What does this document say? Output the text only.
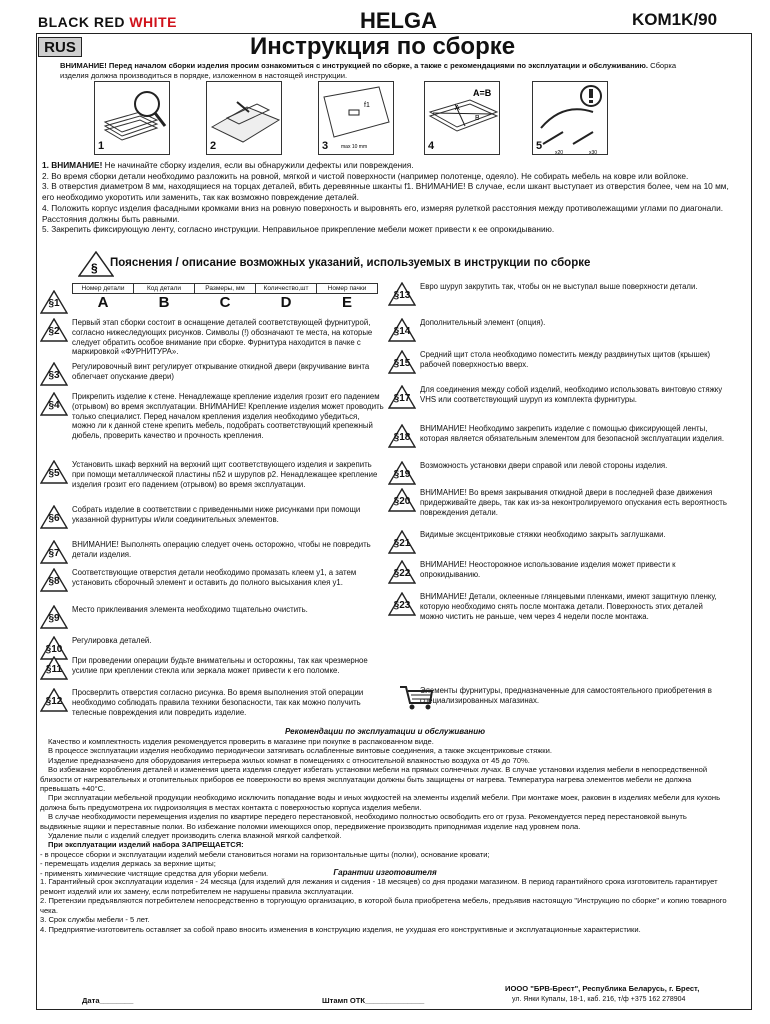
BLACK RED WHITE	HELGA	KOM1K/90
RUS	Инструкция по сборке
ВНИМАНИЕ! Перед началом сборки изделия просим ознакомиться с инструкцией по сборке, а также с рекомендациями по эксплуатации и обслуживанию. Сборка изделия должна производиться в порядке, изложенном в настоящей инструкции.
1	2
f1
max 10 mm
3
A=B
A
B
4
x20	x30
5

1. ВНИМАНИЕ! Не начинайте сборку изделия, если вы обнаружили дефекты или повреждения.

2. Во время сборки детали необходимо разложить на ровной, мягкой и чистой поверхности (например полотенце, одеяло). Не собирать мебель на ковре или войлоке.

3. В отверстия диаметром 8 мм, находящиеся на торцах деталей, вбить деревянные шканты f1. ВНИМАНИЕ! В случае, если шкант выступает из отверстия более, чем на 10 мм, его необходимо укоротить или заменить, так как возможно повреждение деталей.

4. Положить корпус изделия фасадными кромками вниз на ровную поверхность и выровнять его, измеряя рулеткой расстояния между противолежащими углами по диагонали. Расстояния должны быть равными.

5. Закрепить фиксирующую ленту, согласно инструкции. Неправильное прикрепление мебели может привести к ее опрокидыванию.

§ Пояснения / описание возможных указаний, используемых в инструкции по сборке
Номер детали	Код детали	Размеры, мм	Количество,шт	Номер пачки
A	B	C	D	E
§1
§2
Первый этап сборки состоит в оснащение деталей соответствующей фурнитурой, согласно нижеследующих рисунков. Символы (!) обозначают те места, на которые следует обратить особое внимание при сборке. Фурнитура находится в пачке с маркировкой «ФУРНИТУРА».
§3
Регулировочный винт регулирует открывание откидной двери (вкручивание винта облегчает опускание двери)
§4
Прикрепить изделие к стене. Ненадлежаще крепление изделия грозит его падением (отрывом) во время эксплуатации. ВНИМАНИЕ! Крепление изделия может проводить только специалист. Перед началом крепления изделия необходимо убедиться, можно ли к данной стене крепить мебель, подобрать соответствующий крепежный дюбель, проверить качество и прочность крепления.
§5
Установить шкаф верхний на верхний щит соответствующего изделия и закрепить при помощи металлической пластины n52 и шурупов p2. Ненадлежащее крепление изделия грозит его падением (отрывом) во время эксплуатации.
§6
Собрать изделие в соответствии с приведенными ниже рисунками при помощи указанной фурнитуры и/или соединительных элементов.
§7
ВНИМАНИЕ! Выполнять операцию следует очень осторожно, чтобы не повредить детали изделия.
§8
Соответствующие отверстия детали необходимо промазать клеем y1, а затем установить сборочный элемент и оставить до полного высыхания клея y1.
§9
Место приклеивания элемента необходимо тщательно очистить.
§10
Регулировка деталей.
§11
При проведении операции будьте внимательны и осторожны, так как чрезмерное усилие при креплении стекла или зеркала может привести к его поломке.
§12
Просверлить отверстия согласно рисунка. Во время выполнения этой операции необходимо соблюдать правила техники безопасности, так как можно получить телесные повреждения или повредить изделие.
§13
Евро шуруп закрутить так, чтобы он не выступал выше поверхности детали.
§14
Дополнительный элемент (опция).
§15
Средний щит стола необходимо поместить между раздвинутых щитов (крышек) рабочей поверхностью вверх.
§17
Для соединения между собой изделий, необходимо использовать винтовую стяжку VHS или соответствующий шуруп из комплекта фурнитуры.
§18
ВНИМАНИЕ! Необходимо закрепить изделие с помощью фиксирующей ленты, которая является обязательным элементом для безопасной эксплуатации изделия.
§19
Возможность установки двери справой или левой стороны изделия.
§20
ВНИМАНИЕ! Во время закрывания откидной двери в последней фазе движения придерживайте дверь, так как из-за неконтролируемого опускания есть вероятность повреждения детали.
§21
Видимые эксцентриковые стяжки необходимо закрыть заглушками.
§22
ВНИМАНИЕ! Неосторожное использование изделия может привести к опрокидыванию.
§23
ВНИМАНИЕ! Детали, оклеенные глянцевыми пленками, имеют защитную пленку, которую необходимо снять после монтажа детали. Поверхность этих деталей можно чистить не раньше, чем через 4 недели после монтажа.
Элементы фурнитуры, предназначенные для самостоятельного приобретения в специализированных магазинах.
Рекомендации по эксплуатации и обслуживанию

Качество и комплектность изделия рекомендуется проверить в магазине при покупке в распакованном виде.

В процессе эксплуатации изделия необходимо периодически затягивать ослабленные винтовые соединения, а также эксцентриковые стяжки.

Изделие предназначено для оборудования интерьера жилых комнат в помещениях с относительной влажностью воздуха от 45 до 70%.

Во избежание коробления деталей и изменения цвета изделия следует избегать установки мебели на прямых солнечных лучах. В случае установки изделия мебели в непосредственной близости от нагревательных и отопительных приборов ее поверхности во время эксплуатации должны быть защищены от нагрева. Температура нагрева элементов мебели не должна превышать +40°С.

При эксплуатации мебельной продукции необходимо исключить попадание воды и иных жидкостей на элементы изделий мебели. При монтаже моек, раковин в изделиях мебели для кухонь должна быть предусмотрена их гидроизоляция в местах контакта с поверхностью корпуса изделия мебели.

В случае необходимости перемещения изделия по квартире передего перестановкой, необходимо полностью освободить его от груза. Рекомендуется перед перестановкой вынуть выдвижные ящики и переставные полки. Во избежание поломки имеющихся опор, передвижение производить приподнимая изделие над уровнем пола.

Удаление пыли с изделий следует производить слегка влажной мягкой салфеткой.

При эксплуатации изделий набора ЗАПРЕЩАЕТСЯ:

- в процессе сборки и эксплуатации изделий мебели становиться ногами на горизонтальные щиты (полки), основание кровати;

- перемещать изделия держась за верхние щиты;

- применять химические чистящие средства для уборки мебели.	Гарантии изготовителя

1. Гарантийный срок эксплуатации изделия - 24 месяца (для изделий для лежания и сидения - 18 месяцев) со дня продажи магазином. В период гарантийного срока изготовитель гарантирует ремонт изделий или их замену, если потребителем не нарушены правила эксплуатации.

2. Претензии предъявляются потребителем непосредственно в торгующую организацию, в которой была приобретена мебель, предъявив настоящую "Инструкцию по сборке" и копию товарного чека.

3. Срок службы мебели - 5 лет.

4. Предприятие-изготовитель оставляет за собой право вносить изменения в конструкцию изделия, не ухудшая его конструктивные и эксплуатационные характеристики.

ИООО "БРВ-Брест", Республика Беларусь, г. Брест,
ул. Янки Купалы, 18-1, каб. 216, т/ф +375 162 278904
Дата________	Штамп ОТК______________
